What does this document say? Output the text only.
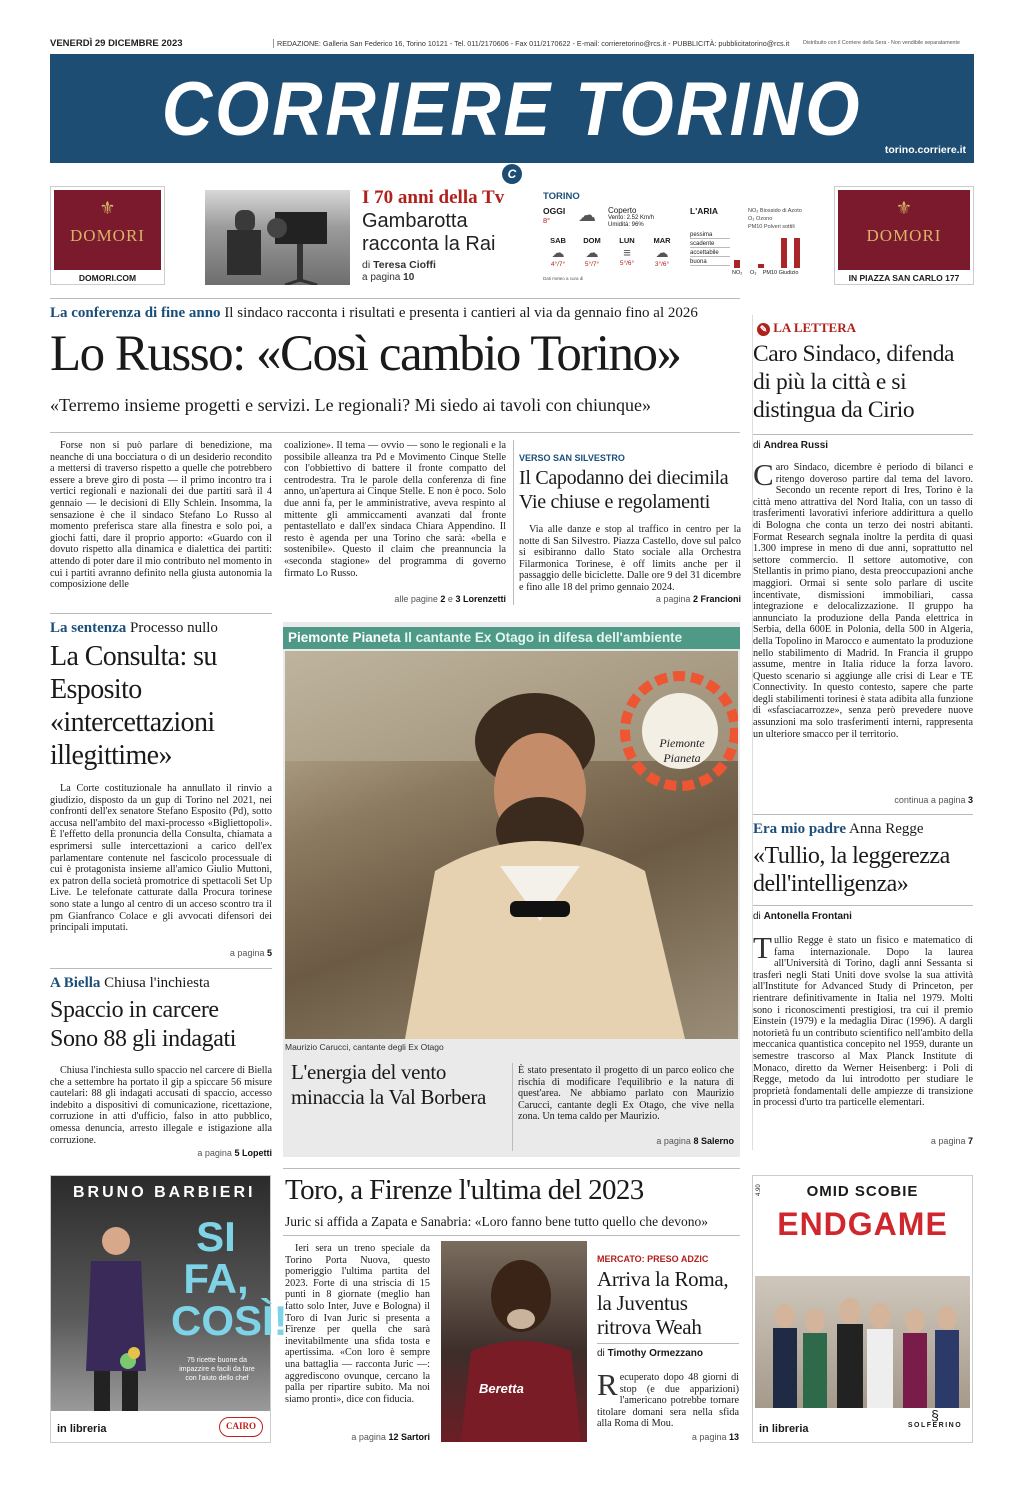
VENERDÌ 29 DICEMBRE 2023	REDAZIONE: Galleria San Federico 16, Torino 10121 - Tel. 011/2170606 - Fax 011/2170622 - E-mail: corrieretorino@rcs.it - PUBBLICITÀ: pubblicitatorino@rcs.it	Distribuito con il Corriere della Sera - Non vendibile separatamente
CORRIERE TORINO	torino.corriere.it
C
⚜
DOMORI
DOMORI.COM
I 70 anni della Tv
Gambarotta racconta la Rai
di Teresa Cioffi
a pagina 10
TORINO
OGGI
8° ☁ Coperto
Vento: 2.52 Km/h
Umidità: 96%
SAB
☁
4°/7°
DOM
☁
5°/7°
LUN
≡
5°/6°
MAR
☁
3°/6°
Dati meteo a cura di
L'ARIA	NO₂ Biossido di Azoto
O₃ Ozono
PM10 Polveri sottili
pessima
scadente
accettabile
buona
NO₂ O₃ PM10 Giudizio
⚜
DOMORI
IN PIAZZA SAN CARLO 177
La conferenza di fine anno Il sindaco racconta i risultati e presenta i cantieri al via da gennaio fino al 2026
Lo Russo: «Così cambio Torino»
«Terremo insieme progetti e servizi. Le regionali? Mi siedo ai tavoli con chiunque»
Forse non si può parlare di benedizione, ma neanche di una bocciatura o di un desiderio recondito a mettersi di traverso rispetto a quelle che potrebbero essere a breve giro di posta — il primo incontro tra i vertici regionali e nazionali dei due partiti sarà il 4 gennaio — le decisioni di Elly Schlein. Insomma, la sensazione è che il sindaco Stefano Lo Russo al momento preferisca stare alla finestra e solo poi, a giochi fatti, dare il proprio apporto: «Guardo con il dovuto rispetto alla dinamica e dialettica dei partiti: attendo di poter dare il mio contributo nel momento in cui i partiti avranno definito nella giusta autonomia la composizione delle
coalizione». Il tema — ovvio — sono le regionali e la possibile alleanza tra Pd e Movimento Cinque Stelle con l'obbiettivo di battere il fronte compatto del centrodestra. Tra le parole della conferenza di fine anno, un'apertura ai Cinque Stelle. E non è poco. Solo due anni fa, per le amministrative, aveva respinto al mittente gli ammiccamenti avanzati dal fronte pentastellato e dall'ex sindaca Chiara Appendino. Il resto è agenda per una Torino che sarà: «bella e sostenibile». Questo il claim che preannuncia la «seconda stagione» del programma di governo firmato Lo Russo.
alle pagine 2 e 3 Lorenzetti
VERSO SAN SILVESTRO
Il Capodanno dei diecimila Vie chiuse e regolamenti
Via alle danze e stop al traffico in centro per la notte di San Silvestro. Piazza Castello, dove sul palco si esibiranno dallo Stato sociale alla Orchestra Filarmonica Torinese, è off limits anche per il passaggio delle biciclette. Dalle ore 9 del 31 dicembre e fino alle 18 del primo gennaio 2024.
a pagina 2 Francioni
La sentenza Processo nullo
La Consulta: su Esposito «intercettazioni illegittime»
La Corte costituzionale ha annullato il rinvio a giudizio, disposto da un gup di Torino nel 2021, nei confronti dell'ex senatore Stefano Esposito (Pd), sotto accusa nell'ambito del maxi-processo «Bigliettopoli». È l'effetto della pronuncia della Consulta, chiamata a esprimersi sulle intercettazioni a carico dell'ex parlamentare contenute nel fascicolo processuale di cui è protagonista insieme all'amico Giulio Muttoni, ex patron della società promotrice di spettacoli Set Up Live. Le telefonate catturate dalla Procura torinese sono state a lungo al centro di un acceso scontro tra il pm Gianfranco Colace e gli avvocati difensori dei principali imputati.
a pagina 5
A Biella Chiusa l'inchiesta
Spaccio in carcere Sono 88 gli indagati
Chiusa l'inchiesta sullo spaccio nel carcere di Biella che a settembre ha portato il gip a spiccare 56 misure cautelari: 88 gli indagati accusati di spaccio, accesso indebito a dispositivi di comunicazione, ricettazione, corruzione in atti d'ufficio, falso in atto pubblico, omessa denuncia, arresto illegale e istigazione alla corruzione.
a pagina 5 Lopetti
Piemonte Pianeta Il cantante Ex Otago in difesa dell'ambiente
Piemonte Pianeta
Maurizio Carucci, cantante degli Ex Otago
L'energia del vento minaccia la Val Borbera
È stato presentato il progetto di un parco eolico che rischia di modificare l'equilibrio e la natura di quest'area. Ne abbiamo parlato con Maurizio Carucci, cantante degli Ex Otago, che vive nella zona. Un tema caldo per Maurizio.
a pagina 8 Salerno
✎ LA LETTERA
Caro Sindaco, difenda di più la città e si distingua da Cirio
di Andrea Russi
Caro Sindaco, dicembre è periodo di bilanci e ritengo doveroso partire dal tema del lavoro. Secondo un recente report di Ires, Torino è la città meno attrattiva del Nord Italia, con un tasso di trasferimenti lavorativi inferiore addirittura a quello di Bologna che conta un terzo dei nostri abitanti. Format Research segnala inoltre la perdita di quasi 1.300 imprese in meno di due anni, soprattutto nel settore commercio. Il settore automotive, con Stellantis in primo piano, desta preoccupazioni anche maggiori. Ormai si sente solo parlare di uscite incentivate, dismissioni immobiliari, cassa integrazione e delocalizzazione. Il gruppo ha annunciato la produzione della Panda elettrica in Serbia, della 600E in Polonia, della 500 in Algeria, della Topolino in Marocco e aumentato la produzione nello stabilimento di Madrid. In Francia il gruppo assume, mentre in Italia riduce la forza lavoro. Questo scenario si aggiunge alle crisi di Lear e TE Connectivity. In questo contesto, sapere che parte degli stabilimenti torinesi è stata adibita alla funzione di «sfasciacarrozze», senza però prevedere nuove assunzioni ma solo trasferimenti interni, rappresenta un ulteriore smacco per il territorio.
continua a pagina 3
Era mio padre Anna Regge
«Tullio, la leggerezza dell'intelligenza»
di Antonella Frontani
Tullio Regge è stato un fisico e matematico di fama internazionale. Dopo la laurea all'Università di Torino, dagli anni Sessanta si trasferì negli Stati Uniti dove svolse la sua attività all'Institute for Advanced Study di Princeton, per rientrare definitivamente in Italia nel 1979. Molti sono i riconoscimenti prestigiosi, tra cui il premio Einstein (1979) e la medaglia Dirac (1996). A dargli notorietà fu un contributo scientifico nell'ambito della meccanica quantistica concepito nel 1959, durante un semestre trascorso al Max Planck Institute di Monaco, diretto da Werner Heisenberg: i Poli di Regge, metodo da lui introdotto per studiare le proprietà fondamentali delle ampiezze di transizione in processi d'urto tra particelle elementari.
a pagina 7
BRUNO BARBIERI
SI FA, COSÌ!
75 ricette buone da impazzire e facili da fare con l'aiuto dello chef
in libreria	CAIRO
Toro, a Firenze l'ultima del 2023
Juric si affida a Zapata e Sanabria: «Loro fanno bene tutto quello che devono»
Ieri sera un treno speciale da Torino Porta Nuova, questo pomeriggio l'ultima partita del 2023. Forte di una striscia di 15 punti in 8 giornate (meglio han fatto solo Inter, Juve e Bologna) il Toro di Ivan Juric si presenta a Firenze per quella che sarà inevitabilmente una sfida tosta e apertissima. «Con loro è sempre una battaglia — racconta Juric —: aggrediscono ovunque, cercano la palla per ripartire subito. Ma noi siamo pronti», dice con fiducia.
a pagina 12 Sartori
Beretta
MERCATO: PRESO ADZIC
Arriva la Roma, la Juventus ritrova Weah
di Timothy Ormezzano
Recuperato dopo 48 giorni di stop (e due apparizioni) l'americano potrebbe tornare titolare domani sera nella sfida alla Roma di Mou.
a pagina 13
4.90	OMID SCOBIE
ENDGAME
in libreria
§
SOLFERINO
